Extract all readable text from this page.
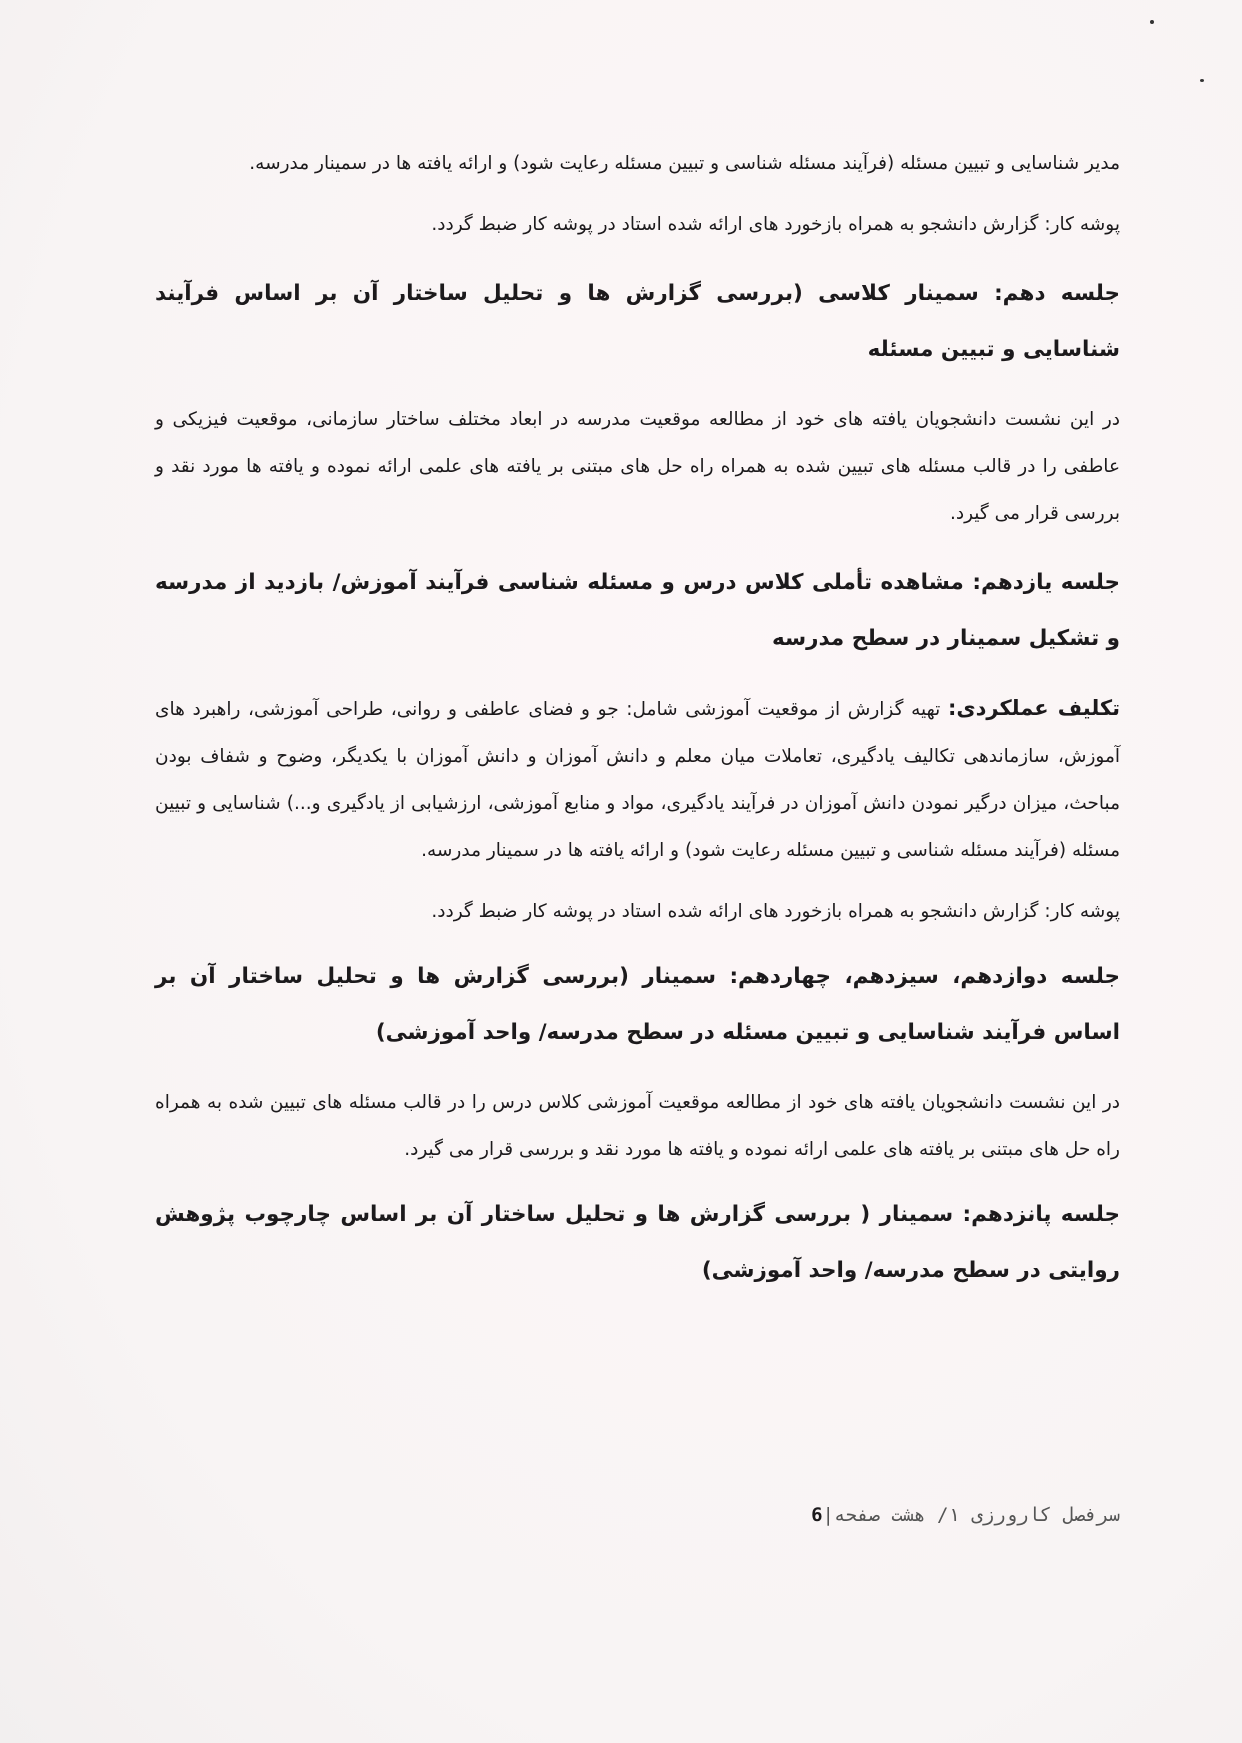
مدیر شناسایی و تبیین مسئله (فرآیند مسئله شناسی و تبیین مسئله رعایت شود) و ارائه یافته ها در سمینار مدرسه.

پوشه کار: گزارش دانشجو به همراه بازخورد های ارائه شده استاد در پوشه کار ضبط گردد.

جلسه دهم: سمینار کلاسی (بررسی گزارش ها و تحلیل ساختار آن بر اساس فرآیند شناسایی و تبیین مسئله

در این نشست دانشجویان یافته های خود از مطالعه موقعیت مدرسه در ابعاد مختلف ساختار سازمانی، موقعیت فیزیکی و عاطفی را در قالب مسئله های تبیین شده به همراه راه حل های مبتنی بر یافته های علمی ارائه نموده و یافته ها مورد نقد و بررسی قرار می گیرد.

جلسه یازدهم: مشاهده تأملی کلاس درس و مسئله شناسی فرآیند آموزش/ بازدید از مدرسه و تشکیل سمینار در سطح مدرسه

تکلیف عملکردی: تهیه گزارش از موقعیت آموزشی شامل: جو و فضای عاطفی و روانی، طراحی آموزشی، راهبرد های آموزش، سازماندهی تکالیف یادگیری، تعاملات میان معلم و دانش آموزان و دانش آموزان با یکدیگر، وضوح و شفاف بودن مباحث، میزان درگیر نمودن دانش آموزان در فرآیند یادگیری، مواد و منابع آموزشی، ارزشیابی از یادگیری و...) شناسایی و تبیین مسئله (فرآیند مسئله شناسی و تبیین مسئله رعایت شود) و ارائه یافته ها در سمینار مدرسه.

پوشه کار: گزارش دانشجو به همراه بازخورد های ارائه شده استاد در پوشه کار ضبط گردد.

جلسه دوازدهم، سیزدهم، چهاردهم: سمینار (بررسی گزارش ها و تحلیل ساختار آن بر اساس فرآیند شناسایی و تبیین مسئله در سطح مدرسه/ واحد آموزشی)

در این نشست دانشجویان یافته های خود از مطالعه موقعیت آموزشی کلاس درس را در قالب مسئله های تبیین شده به همراه راه حل های مبتنی بر یافته های علمی ارائه نموده و یافته ها مورد نقد و بررسی قرار می گیرد.

جلسه پانزدهم: سمینار ( بررسی گزارش ها و تحلیل ساختار آن بر اساس چارچوب پژوهش روایتی در سطح مدرسه/ واحد آموزشی)

سرفصل کارورزی ۱/ هشت صفحه|6
